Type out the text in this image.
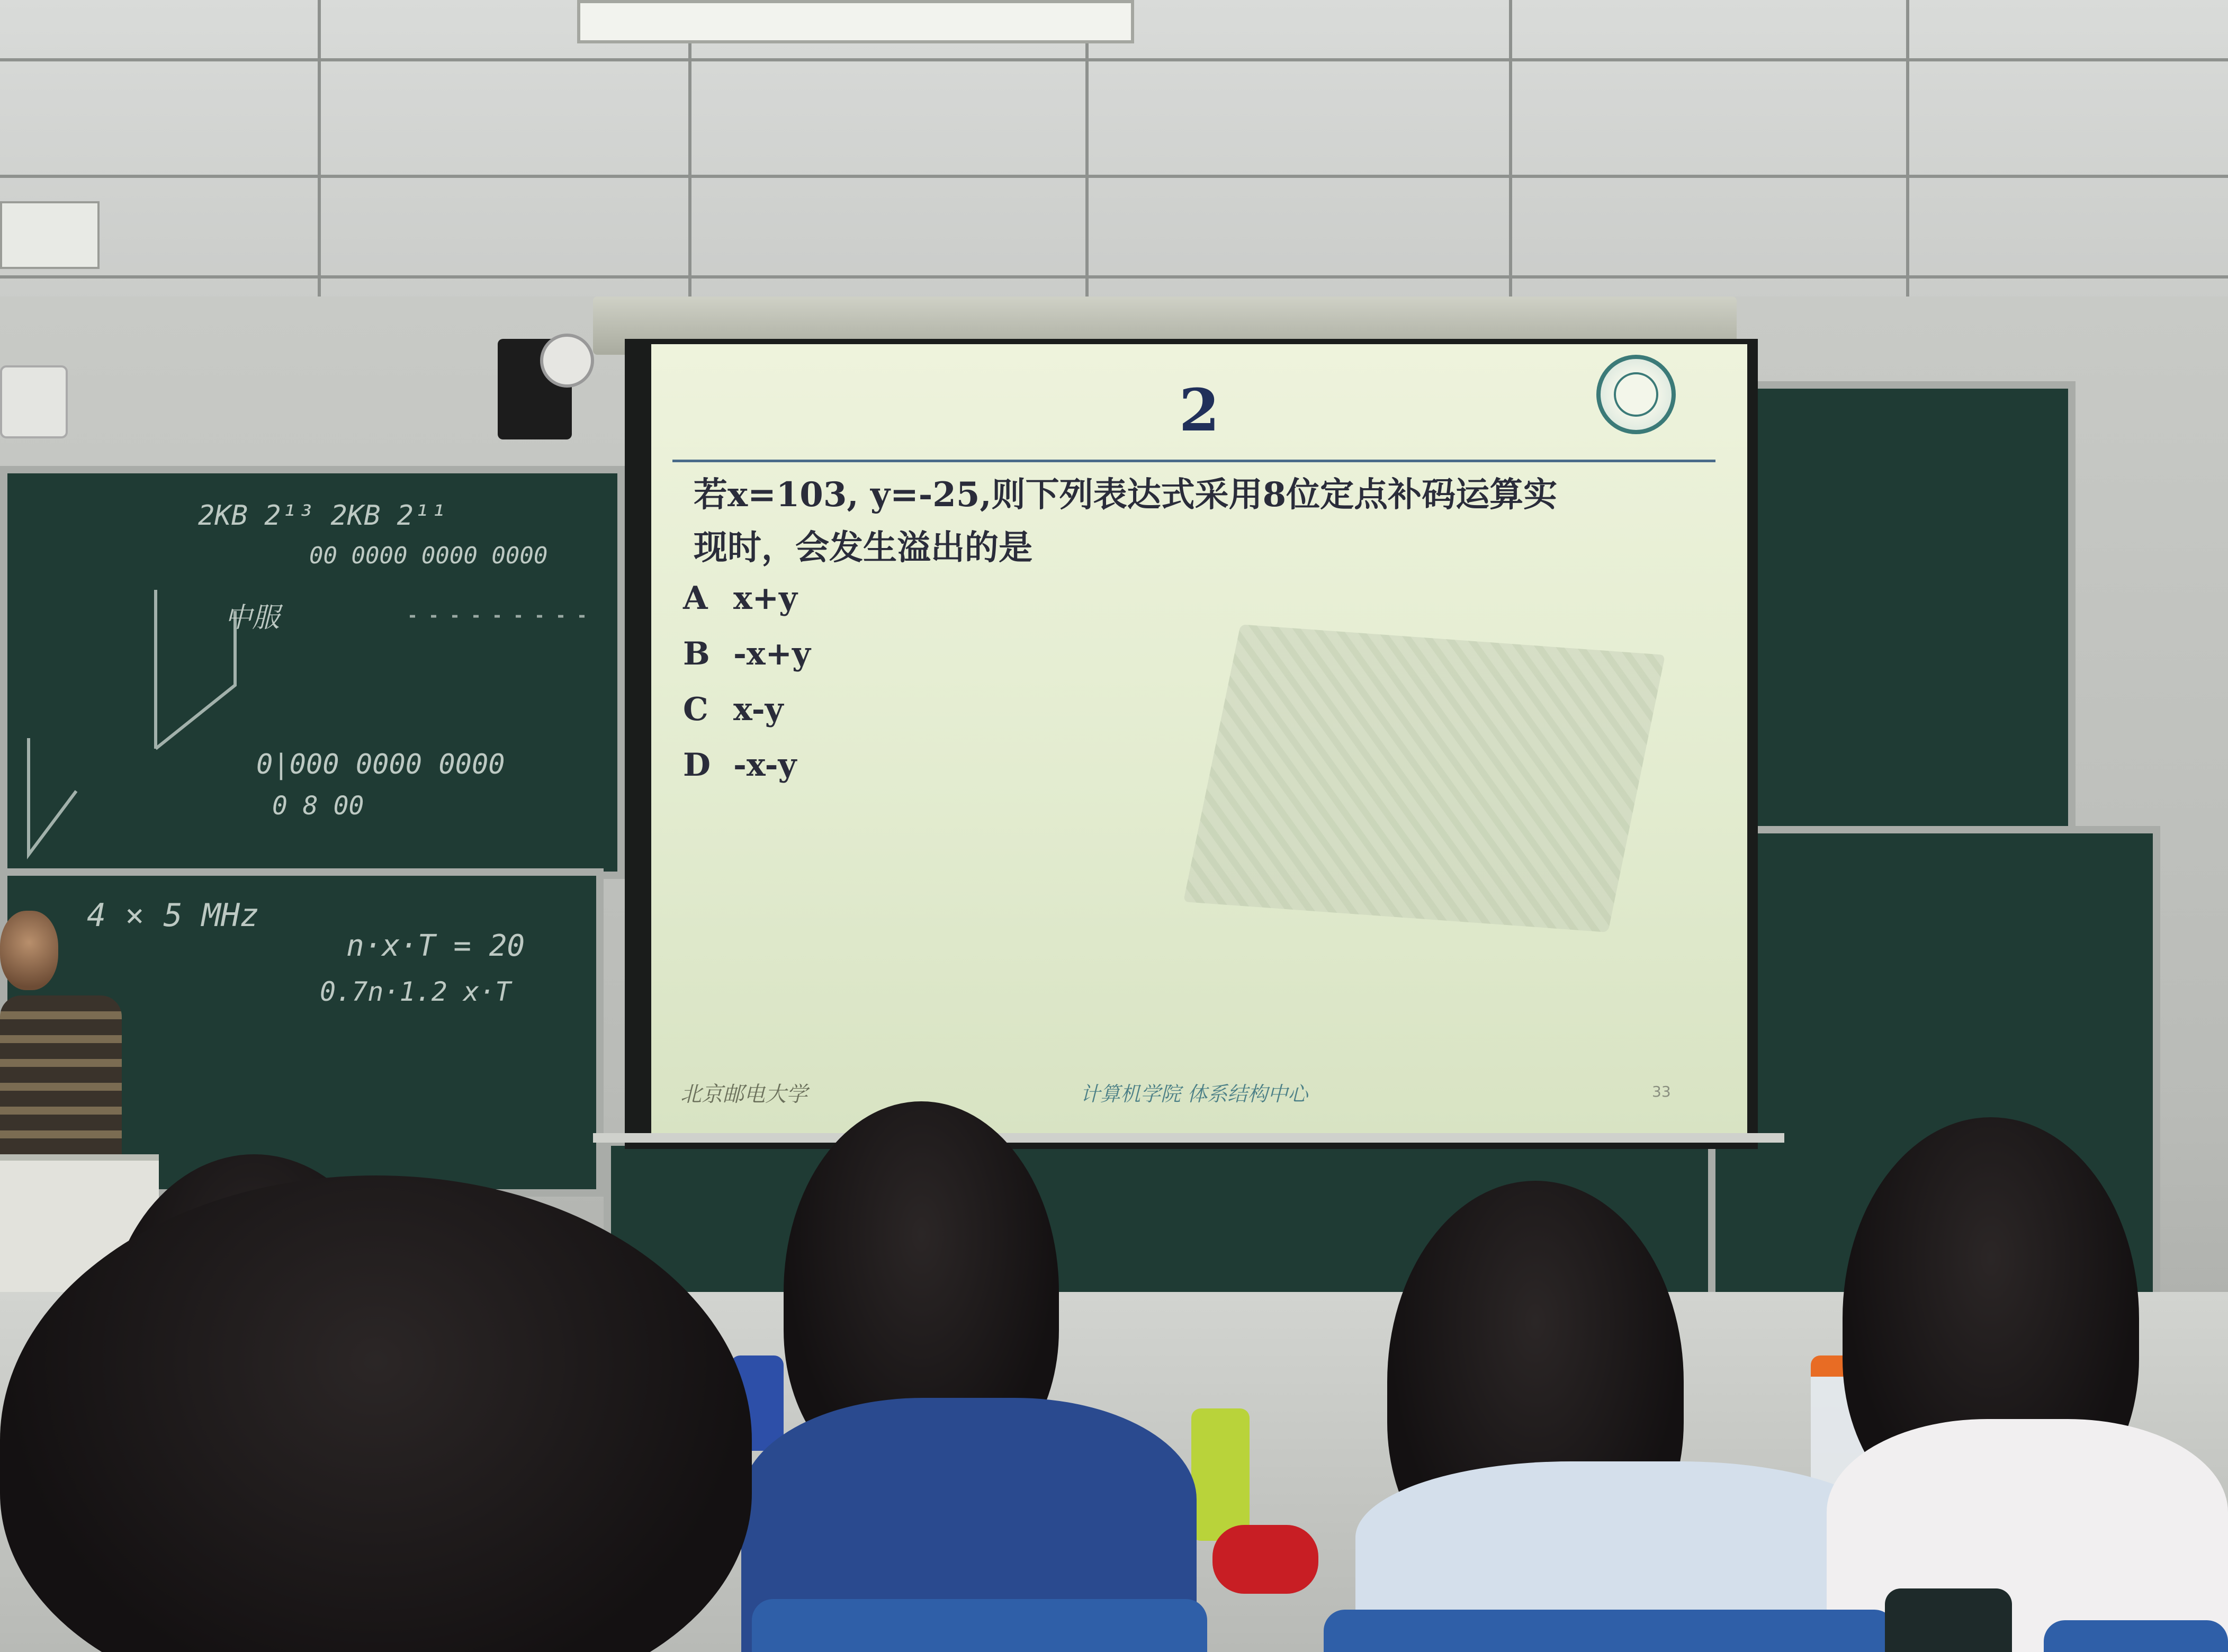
2KB 2¹³ 2KB 2¹¹
00 0000 0000 0000
中服
0|000 0000 0000
0 8 00
4 × 5 MHz
n·x·T = 20
0.7n·1.2 x·T
2
若x=103, y=-25,则下列表达式采用8位定点补码运算实
现时，会发生溢出的是
A x+y
B -x+y
C x-y
D -x-y
北京邮电大学	计算机学院 体系结构中心	33
